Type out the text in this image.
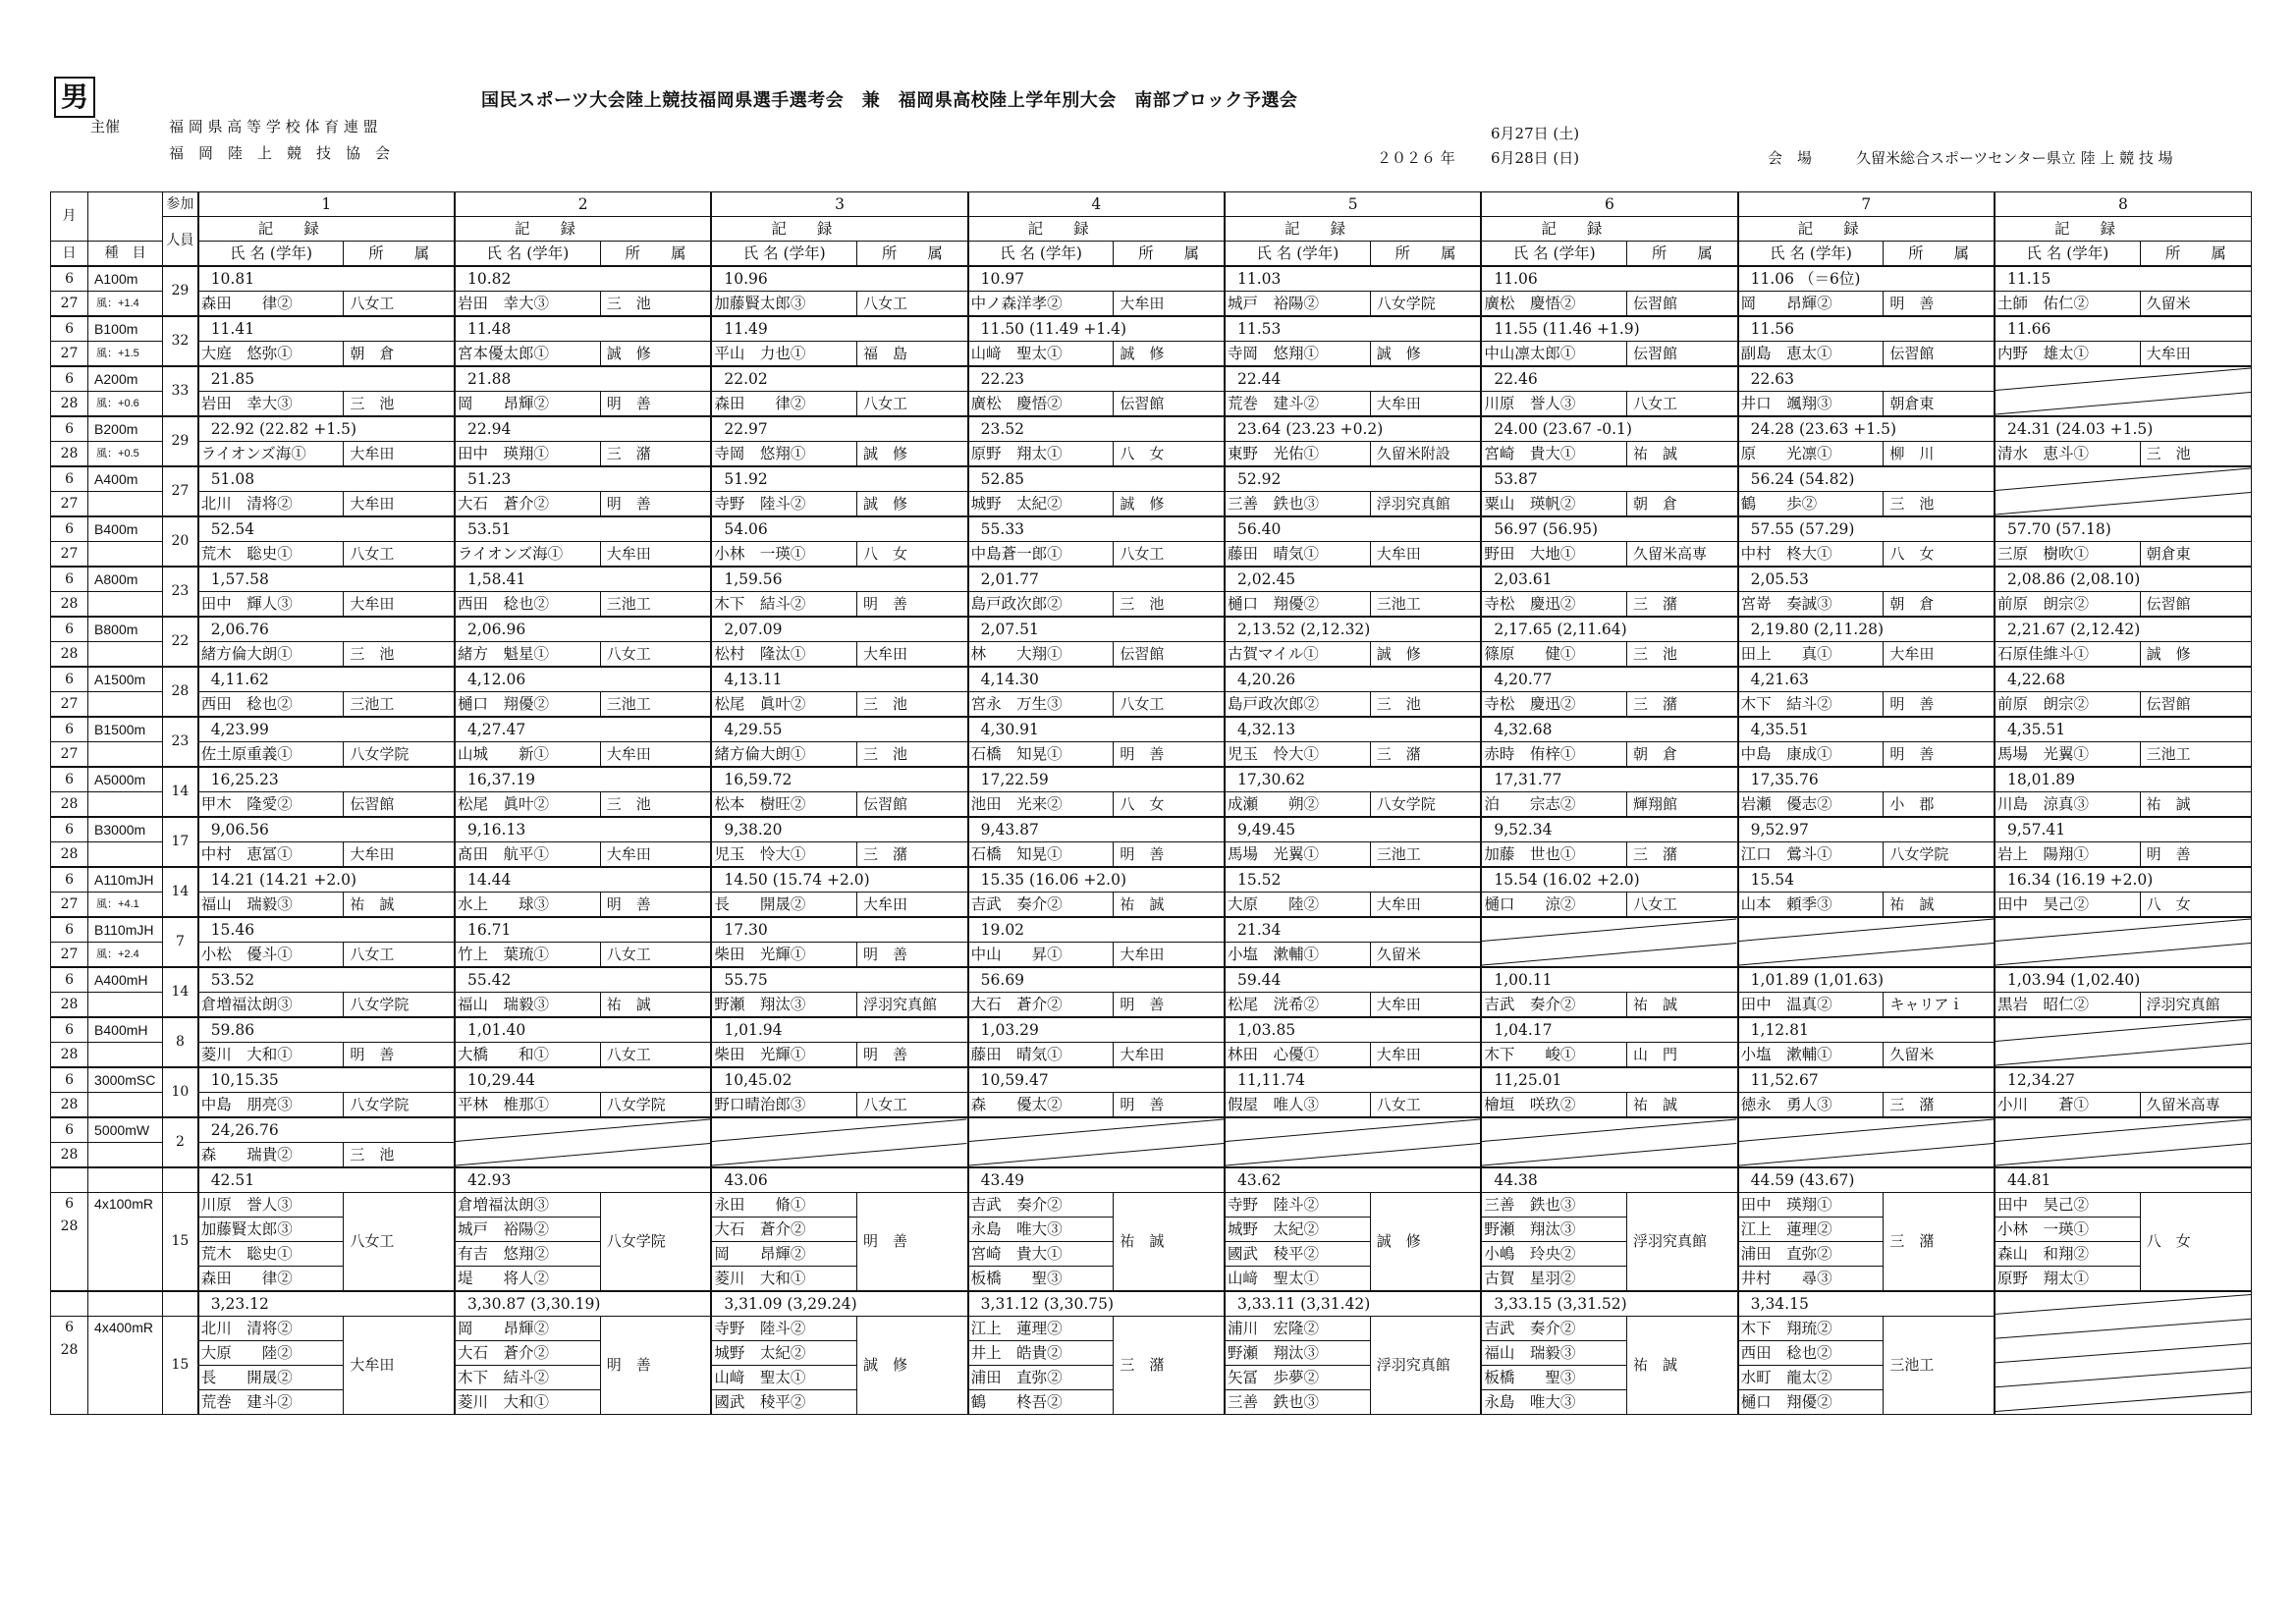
男	国民スポーツ大会陸上競技福岡県選手選考会　兼　福岡県高校陸上学年別大会　南部ブロック予選会
主催	福 岡 県 高 等 学 校 体 育 連 盟
福　岡　陸　上　競　技　協　会
6月27日 (土)
２０２６ 年 6月28日 (日)	会　場	久留米総合スポーツセンター県立 陸 上 競 技 場
月		参加	1		2		3		4		5		6		7		8	
		人員	記　　録		記　　録		記　　録		記　　録		記　　録		記　　録		記　　録		記　　録	
日	種　目		氏 名 (学年)	所　　属	氏 名 (学年)	所　　属	氏 名 (学年)	所　　属	氏 名 (学年)	所　　属	氏 名 (学年)	所　　属	氏 名 (学年)	所　　属	氏 名 (学年)	所　　属	氏 名 (学年)	所　　属
6	A100m	29	10.81		10.82		10.96		10.97		11.03		11.06		11.06 （＝6位)		11.15	
27	風：+1.4		森田　　律②	八女工	岩田　幸大③	三　池	加藤賢太郎③	八女工	中ノ森洋孝②	大牟田	城戸　裕陽②	八女学院	廣松　慶悟②	伝習館	岡　　昂輝②	明　善	土師　佑仁②	久留米
6	B100m	32	11.41		11.48		11.49		11.50 (11.49 +1.4)		11.53		11.55 (11.46 +1.9)		11.56		11.66	
27	風：+1.5		大庭　悠弥①	朝　倉	宮本優太郎①	誠　修	平山　力也①	福　島	山﨑　聖太①	誠　修	寺岡　悠翔①	誠　修	中山凛太郎①	伝習館	副島　恵太①	伝習館	内野　雄太①	大牟田
6	A200m	33	21.85		21.88		22.02		22.23		22.44		22.46		22.63	

28	風：+0.6		岩田　幸大③	三　池	岡　　昂輝②	明　善	森田　　律②	八女工	廣松　慶悟②	伝習館	荒巻　建斗②	大牟田	川原　誉人③	八女工	井口　颯翔③	朝倉東		
6	B200m	29	22.92 (22.82 +1.5)		22.94		22.97		23.52		23.64 (23.23 +0.2)		24.00 (23.67 -0.1)		24.28 (23.63 +1.5)		24.31 (24.03 +1.5)	
28	風：+0.5		ライオンズ海①	大牟田	田中　瑛翔①	三　潴	寺岡　悠翔①	誠　修	原野　翔太①	八　女	東野　光佑①	久留米附設	宮崎　貴大①	祐　誠	原　　光凛①	柳　川	清水　恵斗①	三　池
6	A400m	27	51.08		51.23		51.92		52.85		52.92		53.87		56.24 (54.82)	

27			北川　清将②	大牟田	大石　蒼介②	明　善	寺野　陸斗②	誠　修	城野　太紀②	誠　修	三善　鉄也③	浮羽究真館	粟山　瑛帆②	朝　倉	鶴　　歩②	三　池		
6	B400m	20	52.54		53.51		54.06		55.33		56.40		56.97 (56.95)		57.55 (57.29)		57.70 (57.18)	
27			荒木　聡史①	八女工	ライオンズ海①	大牟田	小林　一瑛①	八　女	中島蒼一郎①	八女工	藤田　晴気①	大牟田	野田　大地①	久留米高専	中村　柊大①	八　女	三原　樹吹①	朝倉東
6	A800m	23	1,57.58		1,58.41		1,59.56		2,01.77		2,02.45		2,03.61		2,05.53		2,08.86 (2,08.10)	
28			田中　輝人③	大牟田	西田　稔也②	三池工	木下　結斗②	明　善	島戸政次郎②	三　池	樋口　翔優②	三池工	寺松　慶迅②	三　潴	宮嵜　奏誠③	朝　倉	前原　朗宗②	伝習館
6	B800m	22	2,06.76		2,06.96		2,07.09		2,07.51		2,13.52 (2,12.32)		2,17.65 (2,11.64)		2,19.80 (2,11.28)		2,21.67 (2,12.42)	
28			緒方倫大朗①	三　池	緒方　魁星①	八女工	松村　隆汰①	大牟田	林　　大翔①	伝習館	古賀マイル①	誠　修	篠原　　健①	三　池	田上　　真①	大牟田	石原佳維斗①	誠　修
6	A1500m	28	4,11.62		4,12.06		4,13.11		4,14.30		4,20.26		4,20.77		4,21.63		4,22.68	
27			西田　稔也②	三池工	樋口　翔優②	三池工	松尾　眞叶②	三　池	宮永　万生③	八女工	島戸政次郎②	三　池	寺松　慶迅②	三　潴	木下　結斗②	明　善	前原　朗宗②	伝習館
6	B1500m	23	4,23.99		4,27.47		4,29.55		4,30.91		4,32.13		4,32.68		4,35.51		4,35.51	
27			佐土原重義①	八女学院	山城　　新①	大牟田	緒方倫大朗①	三　池	石橋　知晃①	明　善	児玉　怜大①	三　潴	赤時　侑梓①	朝　倉	中島　康成①	明　善	馬場　光翼①	三池工
6	A5000m	14	16,25.23		16,37.19		16,59.72		17,22.59		17,30.62		17,31.77		17,35.76		18,01.89	
28			甲木　隆愛②	伝習館	松尾　眞叶②	三　池	松本　樹旺②	伝習館	池田　光来②	八　女	成瀬　　朔②	八女学院	泊　　宗志②	輝翔館	岩瀬　優志②	小　郡	川島　涼真③	祐　誠
6	B3000m	17	9,06.56		9,16.13		9,38.20		9,43.87		9,49.45		9,52.34		9,52.97		9,57.41	
28			中村　恵冨①	大牟田	髙田　航平①	大牟田	児玉　怜大①	三　潴	石橋　知晃①	明　善	馬場　光翼①	三池工	加藤　世也①	三　潴	江口　鶯斗①	八女学院	岩上　陽翔①	明　善
6	A110mJH	14	14.21 (14.21 +2.0)		14.44		14.50 (15.74 +2.0)		15.35 (16.06 +2.0)		15.52		15.54 (16.02 +2.0)		15.54		16.34 (16.19 +2.0)	
27	風：+4.1		福山　瑞毅③	祐　誠	水上　　球③	明　善	長　　開晟②	大牟田	吉武　奏介②	祐　誠	大原　　陸②	大牟田	樋口　　涼②	八女工	山本　頼季③	祐　誠	田中　昊己②	八　女
6	B110mJH	7	15.46		16.71		17.30		19.02		21.34	

27	風：+2.4		小松　優斗①	八女工	竹上　葉琉①	八女工	柴田　光輝①	明　善	中山　　昇①	大牟田	小塩　漱輔①	久留米						
6	A400mH	14	53.52		55.42		55.75		56.69		59.44		1,00.11		1,01.89 (1,01.63)		1,03.94 (1,02.40)	
28			倉増福汰朗③	八女学院	福山　瑞毅③	祐　誠	野瀬　翔汰③	浮羽究真館	大石　蒼介②	明　善	松尾　洸希②	大牟田	吉武　奏介②	祐　誠	田中　温真②	キャリアｉ	黒岩　昭仁②	浮羽究真館
6	B400mH	8	59.86		1,01.40		1,01.94		1,03.29		1,03.85		1,04.17		1,12.81	

28			菱川　大和①	明　善	大橋　　和①	八女工	柴田　光輝①	明　善	藤田　晴気①	大牟田	林田　心優①	大牟田	木下　　峻①	山　門	小塩　漱輔①	久留米		
6	3000mSC	10	10,15.35		10,29.44		10,45.02		10,59.47		11,11.74		11,25.01		11,52.67		12,34.27	
28			中島　朋亮③	八女学院	平林　椎那①	八女学院	野口晴治郎③	八女工	森　　優太②	明　善	假屋　唯人③	八女工	檜垣　咲玖②	祐　誠	徳永　勇人③	三　潴	小川　　蒼①	久留米高専
6	5000mW	2	24,26.76	

28			森　　瑞貴②	三　池														
			42.51		42.93		43.06		43.49		43.62		44.38		44.59 (43.67)		44.81	

6
28	4x100mR	15	川原　誉人③	八女工	倉増福汰朗③	八女学院	永田　　脩①	明　善	吉武　奏介②	祐　誠	寺野　陸斗②	誠　修	三善　鉄也③	浮羽究真館	田中　瑛翔①	三　潴	田中　昊己②	八　女
			加藤賢太郎③		城戸　裕陽②		大石　蒼介②		永島　唯大③		城野　太紀②		野瀬　翔汰③		江上　蓮理②		小林　一瑛①	
			荒木　聡史①		有吉　悠翔②		岡　　昂輝②		宮崎　貴大①		國武　稜平②		小嶋　玲央②		浦田　直弥②		森山　和翔②	
			森田　　律②		堤　　将人②		菱川　大和①		板橋　　聖③		山﨑　聖太①		古賀　星羽②		井村　　尋③		原野　翔太①	
			3,23.12		3,30.87 (3,30.19)		3,31.09 (3,29.24)		3,31.12 (3,30.75)		3,33.11 (3,31.42)		3,33.15 (3,31.52)		3,34.15	

6
28	4x400mR	15	北川　清将②	大牟田	岡　　昂輝②	明　善	寺野　陸斗②	誠　修	江上　蓮理②	三　潴	浦川　宏隆②	浮羽究真館	吉武　奏介②	祐　誠	木下　翔琉②	三池工		
			大原　　陸②		大石　蒼介②		城野　太紀②		井上　皓貴②		野瀬　翔汰③		福山　瑞毅③		西田　稔也②			
			長　　開晟②		木下　結斗②		山﨑　聖太①		浦田　直弥②		矢冨　歩夢②		板橋　　聖③		水町　龍太②			
			荒巻　建斗②		菱川　大和①		國武　稜平②		鶴　　柊吾②		三善　鉄也③		永島　唯大③		樋口　翔優②			
